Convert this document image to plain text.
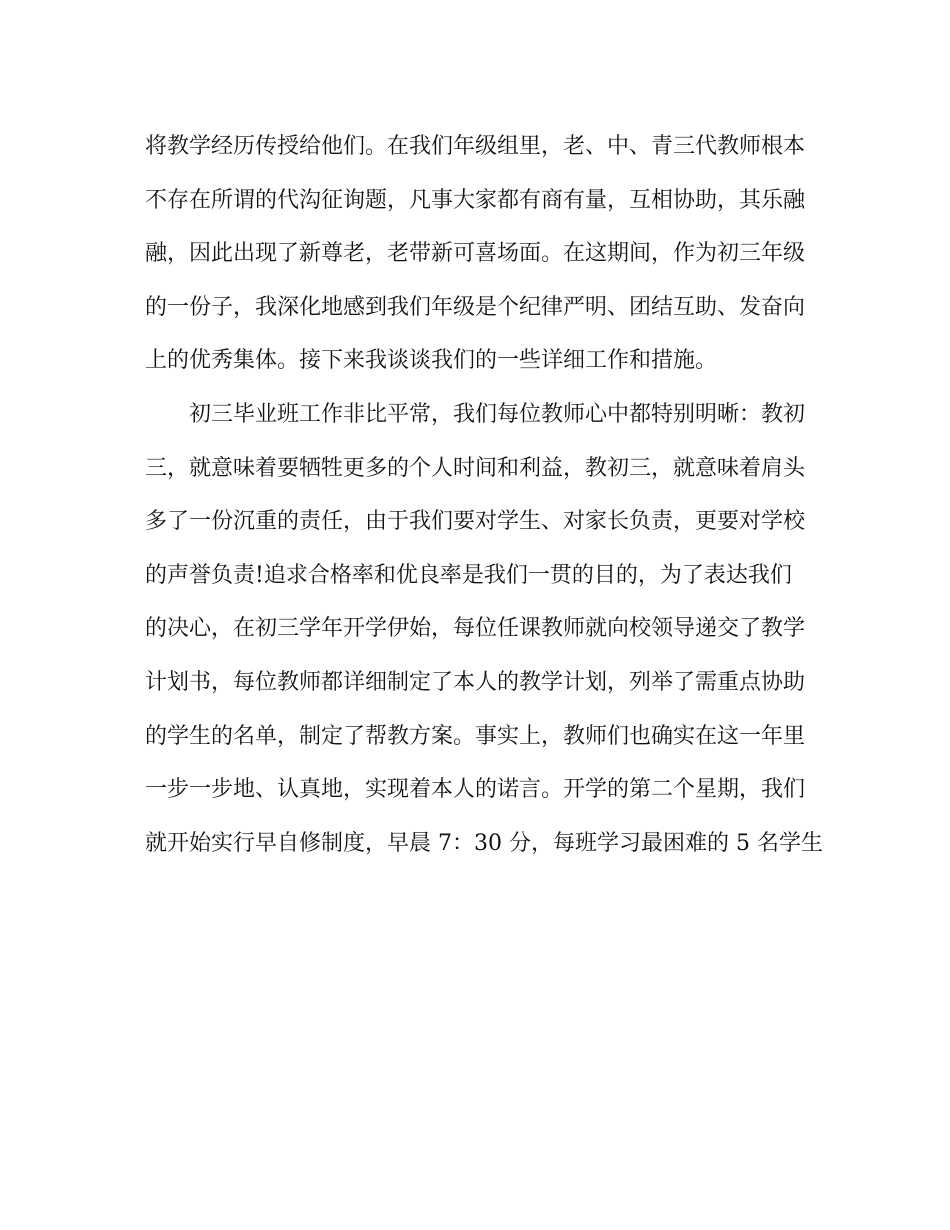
将教学经历传授给他们。在我们年级组里，老、中、青三代教师根本
不存在所谓的代沟征询题，凡事大家都有商有量，互相协助，其乐融
融，因此出现了新尊老，老带新可喜场面。在这期间，作为初三年级
的一份子，我深化地感到我们年级是个纪律严明、团结互助、发奋向
上的优秀集体。接下来我谈谈我们的一些详细工作和措施。
初三毕业班工作非比平常，我们每位教师心中都特别明晰：教初
三，就意味着要牺牲更多的个人时间和利益，教初三，就意味着肩头
多了一份沉重的责任，由于我们要对学生、对家长负责，更要对学校
的声誉负责!追求合格率和优良率是我们一贯的目的，为了表达我们
的决心，在初三学年开学伊始，每位任课教师就向校领导递交了教学
计划书，每位教师都详细制定了本人的教学计划，列举了需重点协助
的学生的名单，制定了帮教方案。事实上，教师们也确实在这一年里
一步一步地、认真地，实现着本人的诺言。开学的第二个星期，我们
就开始实行早自修制度，早晨 7：30 分，每班学习最困难的 5 名学生
